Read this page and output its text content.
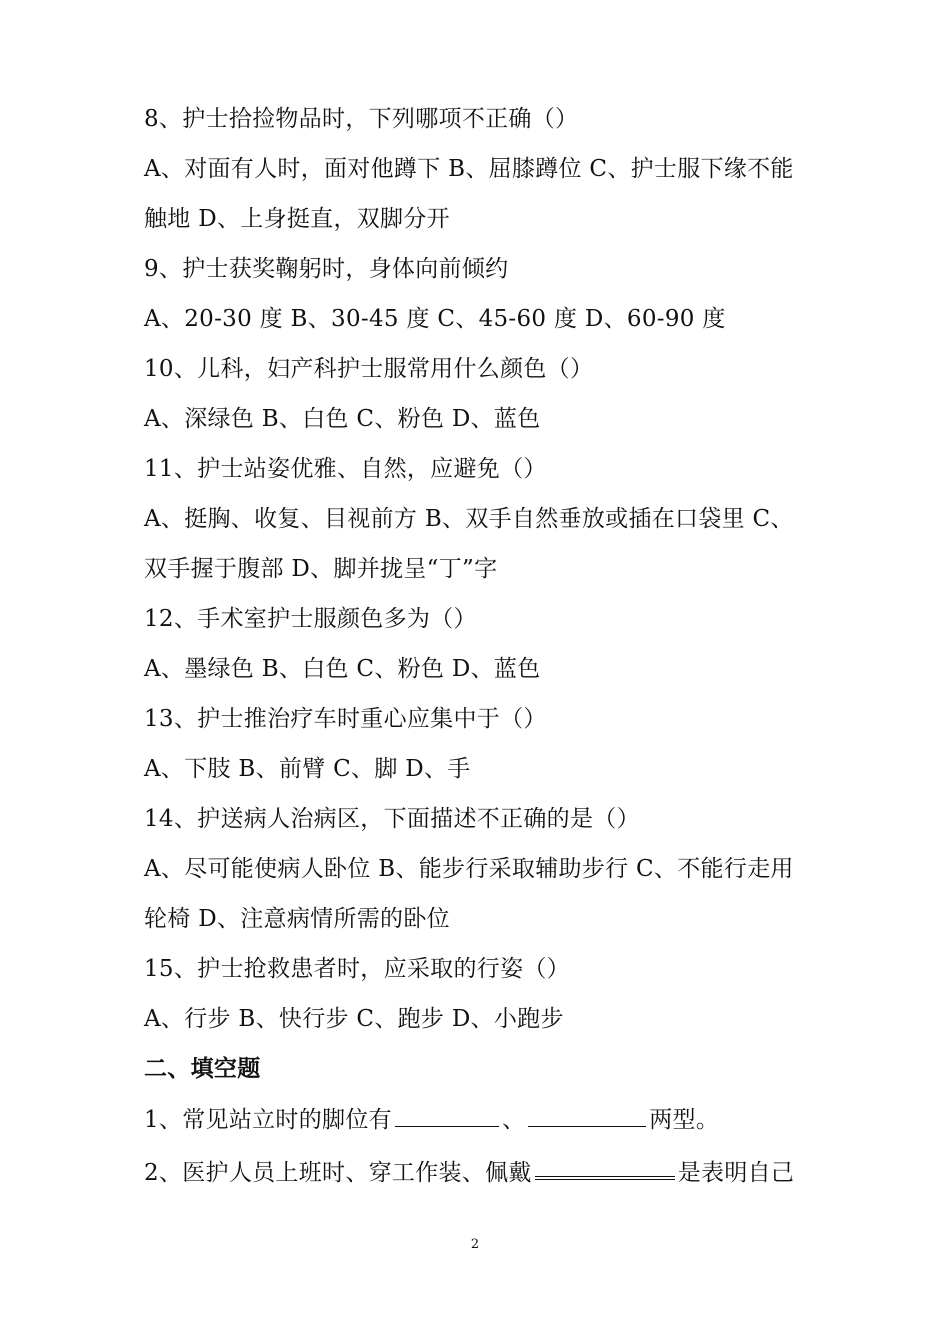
8、护士拾捡物品时，下列哪项不正确（）
A、对面有人时，面对他蹲下 B、屈膝蹲位 C、护士服下缘不能
触地 D、上身挺直，双脚分开
9、护士获奖鞠躬时，身体向前倾约
A、20-30 度 B、30-45 度 C、45-60 度 D、60-90 度
10、儿科，妇产科护士服常用什么颜色（）
A、深绿色 B、白色 C、粉色 D、蓝色
11、护士站姿优雅、自然，应避免（）
A、挺胸、收复、目视前方 B、双手自然垂放或插在口袋里 C、
双手握于腹部 D、脚并拢呈“丁”字
12、手术室护士服颜色多为（）
A、墨绿色 B、白色 C、粉色 D、蓝色
13、护士推治疗车时重心应集中于（）
A、下肢 B、前臂 C、脚 D、手
14、护送病人治病区，下面描述不正确的是（）
A、尽可能使病人卧位 B、能步行采取辅助步行 C、不能行走用
轮椅 D、注意病情所需的卧位
15、护士抢救患者时，应采取的行姿（）
A、行步 B、快行步 C、跑步 D、小跑步
二、填空题
1、常见站立时的脚位有	、	两型。
2、医护人员上班时、穿工作装、佩戴	是表明自己
2
